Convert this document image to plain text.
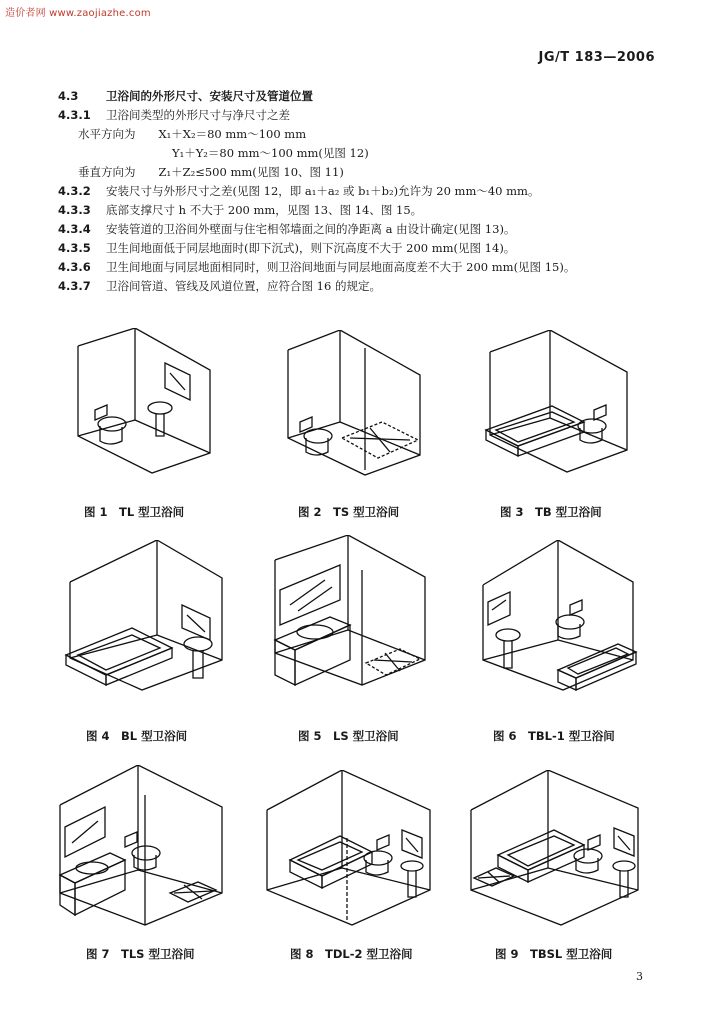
造价者网 www.zaojiazhe.com
JG/T 183—2006
4.3 卫浴间的外形尺寸、安装尺寸及管道位置
4.3.1 卫浴间类型的外形尺寸与净尺寸之差
水平方向为　　X₁＋X₂＝80 mm～100 mm
Y₁＋Y₂＝80 mm～100 mm(见图 12)
垂直方向为　　Z₁＋Z₂≤500 mm(见图 10、图 11)
4.3.2 安装尺寸与外形尺寸之差(见图 12，即 a₁＋a₂ 或 b₁＋b₂)允许为 20 mm～40 mm。
4.3.3 底部支撑尺寸 h 不大于 200 mm，见图 13、图 14、图 15。
4.3.4 安装管道的卫浴间外壁面与住宅相邻墙面之间的净距离 a 由设计确定(见图 13)。
4.3.5 卫生间地面低于同层地面时(即下沉式)，则下沉高度不大于 200 mm(见图 14)。
4.3.6 卫生间地面与同层地面相同时，则卫浴间地面与同层地面高度差不大于 200 mm(见图 15)。
4.3.7 卫浴间管道、管线及风道位置，应符合图 16 的规定。
图 1　TL 型卫浴间	图 2　TS 型卫浴间	图 3　TB 型卫浴间
图 4　BL 型卫浴间	图 5　LS 型卫浴间	图 6　TBL-1 型卫浴间
图 7　TLS 型卫浴间	图 8　TDL-2 型卫浴间	图 9　TBSL 型卫浴间
3
